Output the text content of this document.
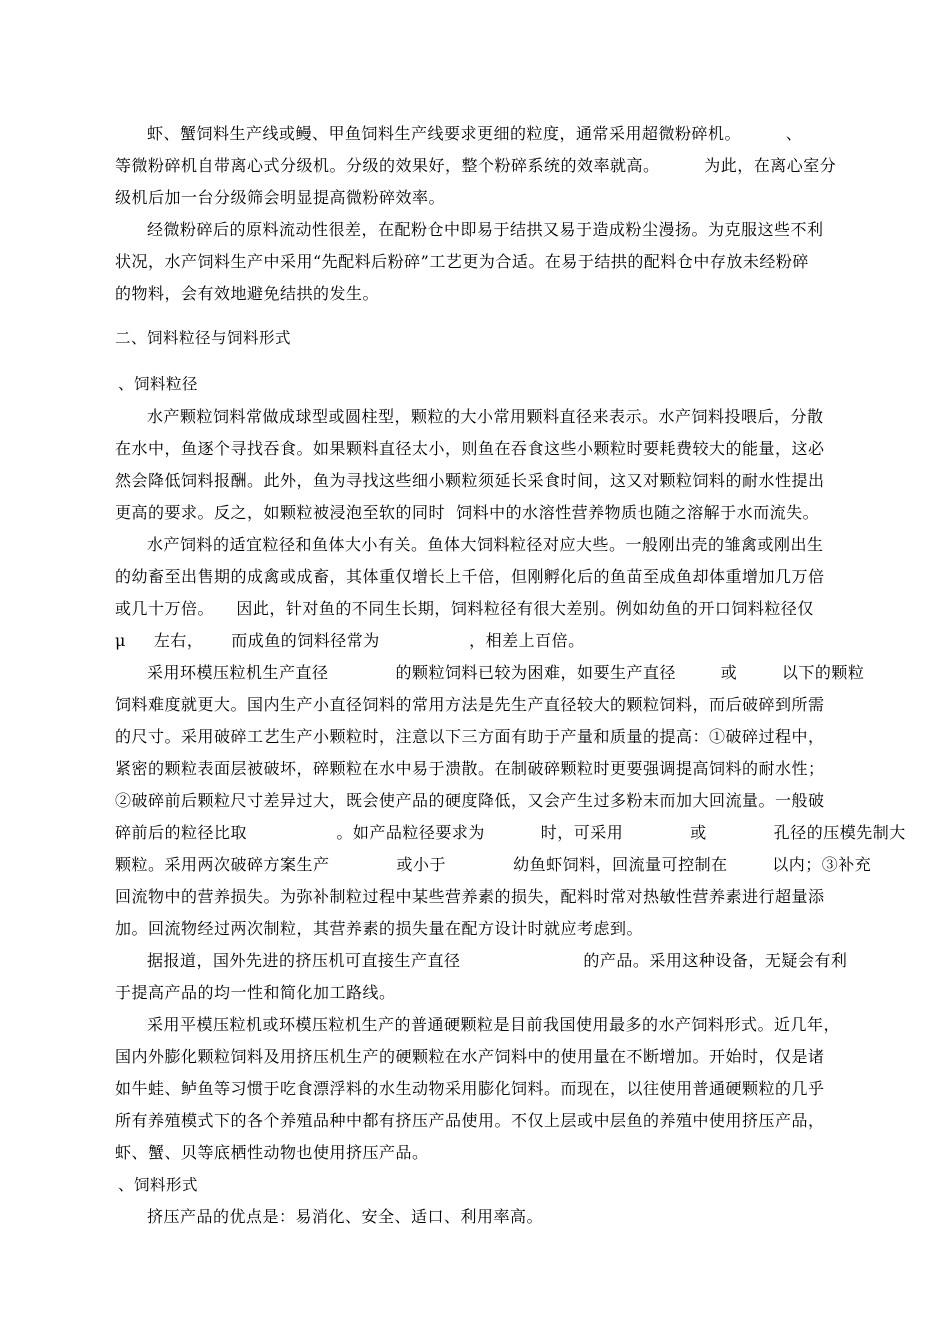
虾、蟹饲料生产线或鳗、甲鱼饲料生产线要求更细的粒度，通常采用超微粉碎机。        、

等微粉碎机自带离心式分级机。分级的效果好，整个粉碎系统的效率就高。        为此，在离心室分

级机后加一台分级筛会明显提高微粉碎效率。

经微粉碎后的原料流动性很差，在配粉仓中即易于结拱又易于造成粉尘漫扬。为克服这些不利

状况，水产饲料生产中采用“先配料后粉碎”工艺更为合适。在易于结拱的配料仓中存放未经粉碎

的物料，会有效地避免结拱的发生。

二、饲料粒径与饲料形式

、饲料粒径

水产颗粒饲料常做成球型或圆柱型，颗粒的大小常用颗料直径来表示。水产饲料投喂后，分散

在水中，鱼逐个寻找吞食。如果颗料直径太小，则鱼在吞食这些小颗粒时要耗费较大的能量，这必

然会降低饲料报酬。此外，鱼为寻找这些细小颗粒须延长采食时间，这又对颗粒饲料的耐水性提出

更高的要求。反之，如颗粒被浸泡至软的同时  饲料中的水溶性营养物质也随之溶解于水而流失。

水产饲料的适宜粒径和鱼体大小有关。鱼体大饲料粒径对应大些。一般刚出壳的雏禽或刚出生

的幼畜至出售期的成禽或成畜，其体重仅增长上千倍，但刚孵化后的鱼苗至成鱼却体重增加几万倍

或几十万倍。    因此，针对鱼的不同生长期，饲料粒径有很大差别。例如幼鱼的开口饲料粒径仅

μ     左右，     而成鱼的饲料径常为                ，相差上百倍。

采用环模压粒机生产直径            的颗粒饲料已较为困难，如要生产直径        或        以下的颗粒

饲料难度就更大。国内生产小直径饲料的常用方法是先生产直径较大的颗粒饲料，而后破碎到所需

的尺寸。采用破碎工艺生产小颗粒时，注意以下三方面有助于产量和质量的提高：①破碎过程中，

紧密的颗粒表面层被破坏，碎颗粒在水中易于溃散。在制破碎颗粒时更要强调提高饲料的耐水性；

②破碎前后颗粒尺寸差异过大，既会使产品的硬度降低，又会产生过多粉末而加大回流量。一般破

碎前后的粒径比取                。如产品粒径要求为          时，可采用            或            孔径的压模先制大

颗粒。采用两次破碎方案生产            或小于            幼鱼虾饲料，回流量可控制在        以内；③补充

回流物中的营养损失。为弥补制粒过程中某些营养素的损失，配料时常对热敏性营养素进行超量添

加。回流物经过两次制粒，其营养素的损失量在配方设计时就应考虑到。

据报道，国外先进的挤压机可直接生产直径                      的产品。采用这种设备，无疑会有利

于提高产品的均一性和简化加工路线。

采用平模压粒机或环模压粒机生产的普通硬颗粒是目前我国使用最多的水产饲料形式。近几年，

国内外膨化颗粒饲料及用挤压机生产的硬颗粒在水产饲料中的使用量在不断增加。开始时，仅是诸

如牛蛙、鲈鱼等习惯于吃食漂浮料的水生动物采用膨化饲料。而现在，以往使用普通硬颗粒的几乎

所有养殖模式下的各个养殖品种中都有挤压产品使用。不仅上层或中层鱼的养殖中使用挤压产品，

虾、蟹、贝等底栖性动物也使用挤压产品。

、饲料形式

挤压产品的优点是：易消化、安全、适口、利用率高。
